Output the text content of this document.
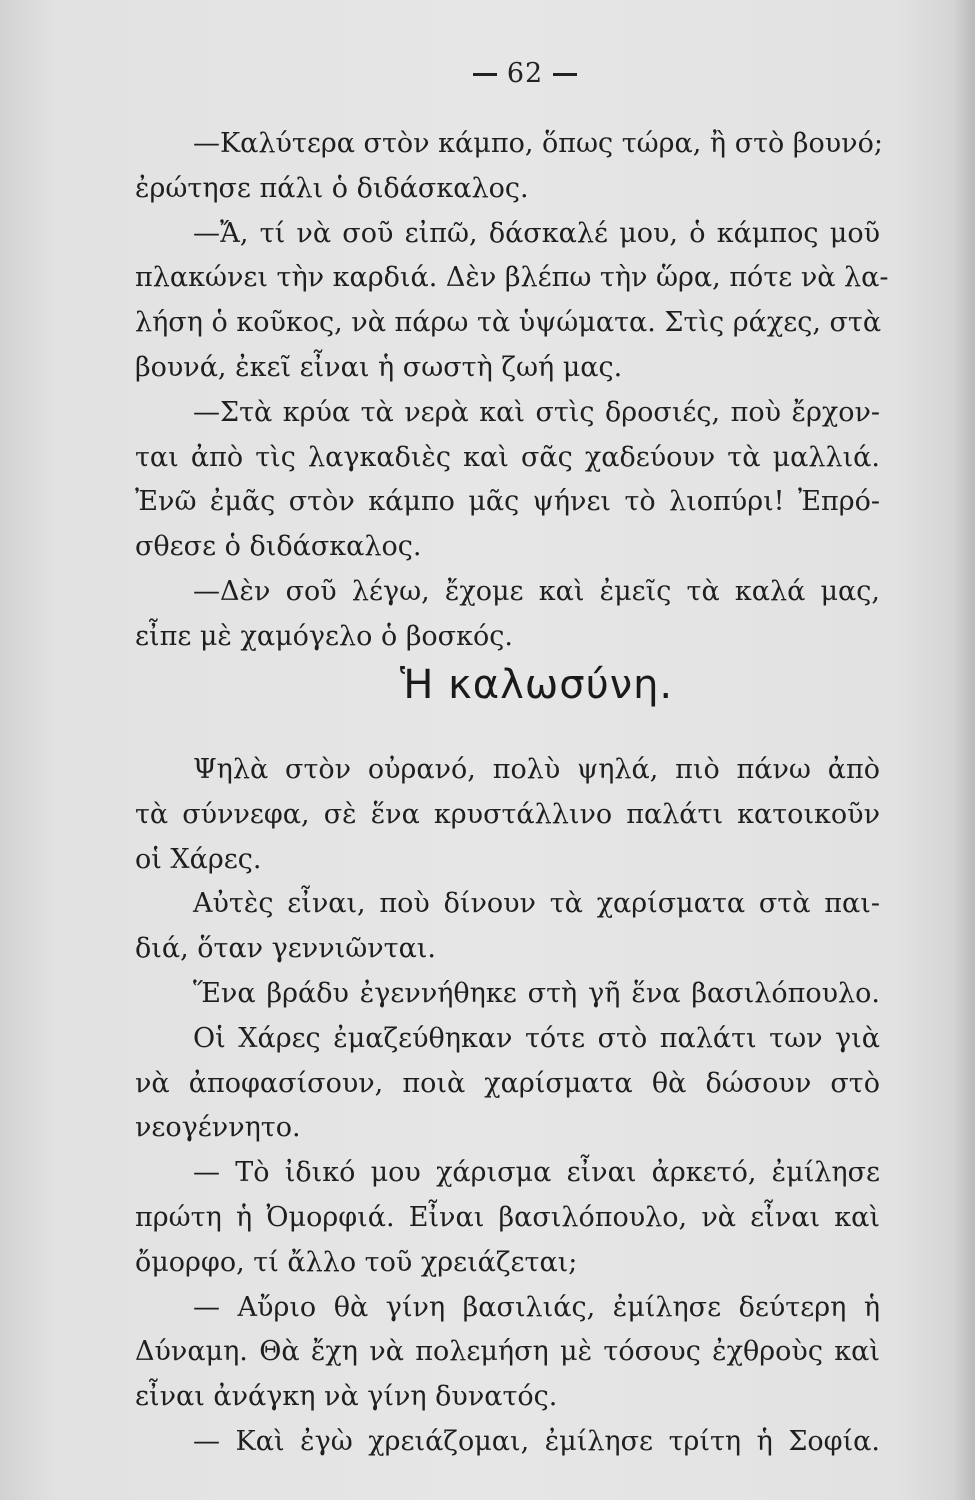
62
—Καλύτερα στὸν κάμπο, ὅπως τώρα, ἢ στὸ βουνό;
ἐρώτησε πάλι ὁ διδάσκαλος.
—Ἄ, τί νὰ σοῦ εἰπῶ, δάσκαλέ μου, ὁ κάμπος μοῦ
πλακώνει τὴν καρδιά. Δὲν βλέπω τὴν ὥρα, πότε νὰ λα-
λήση ὁ κοῦκος, νὰ πάρω τὰ ὑψώματα. Στὶς ράχες, στὰ
βουνά, ἐκεῖ εἶναι ἡ σωστὴ ζωή μας.
—Στὰ κρύα τὰ νερὰ καὶ στὶς δροσιές, ποὺ ἔρχον-
ται ἀπὸ τὶς λαγκαδιὲς καὶ σᾶς χαδεύουν τὰ μαλλιά.
Ἐνῶ ἐμᾶς στὸν κάμπο μᾶς ψήνει τὸ λιοπύρι! Ἐπρό-
σθεσε ὁ διδάσκαλος.
—Δὲν σοῦ λέγω, ἔχομε καὶ ἐμεῖς τὰ καλά μας,
εἶπε μὲ χαμόγελο ὁ βοσκός.
Ἡ καλωσύνη.
Ψηλὰ στὸν οὐρανό, πολὺ ψηλά, πιὸ πάνω ἀπὸ
τὰ σύννεφα, σὲ ἕνα κρυστάλλινο παλάτι κατοικοῦν
οἱ Χάρες.
Αὐτὲς εἶναι, ποὺ δίνουν τὰ χαρίσματα στὰ παι-
διά, ὅταν γεννιῶνται.
Ἕνα βράδυ ἐγεννήθηκε στὴ γῆ ἕνα βασιλόπουλο.
Οἱ Χάρες ἐμαζεύθηκαν τότε στὸ παλάτι των γιὰ
νὰ ἀποφασίσουν, ποιὰ χαρίσματα θὰ δώσουν στὸ
νεογέννητο.
— Τὸ ἰδικό μου χάρισμα εἶναι ἀρκετό, ἐμίλησε
πρώτη ἡ Ὀμορφιά. Εἶναι βασιλόπουλο, νὰ εἶναι καὶ
ὄμορφο, τί ἄλλο τοῦ χρειάζεται;
— Αὔριο θὰ γίνη βασιλιάς, ἐμίλησε δεύτερη ἡ
Δύναμη. Θὰ ἔχη νὰ πολεμήση μὲ τόσους ἐχθροὺς καὶ
εἶναι ἀνάγκη νὰ γίνη δυνατός.
— Καὶ ἐγὼ χρειάζομαι, ἐμίλησε τρίτη ἡ Σοφία.
